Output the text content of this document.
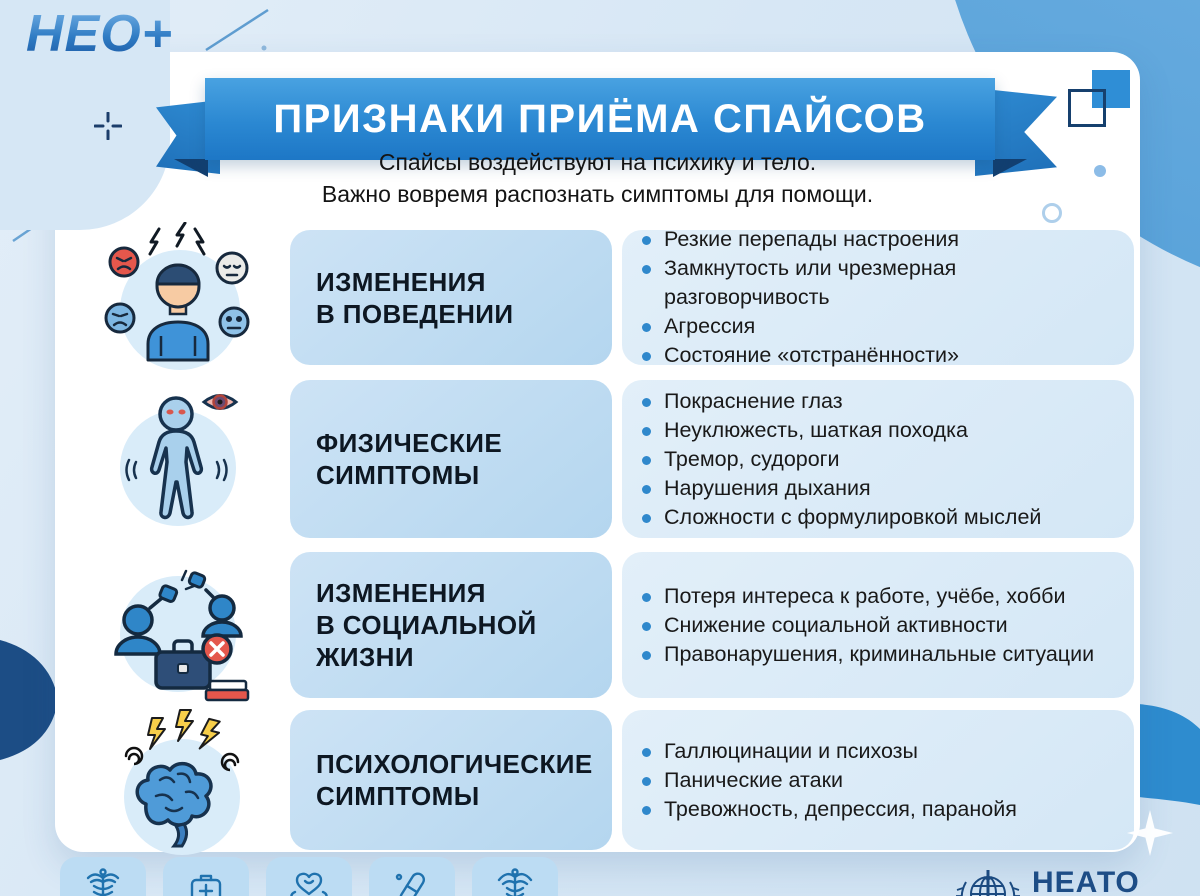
НЕО+
ПРИЗНАКИ ПРИЁМА СПАЙСОВ
Спайсы воздействуют на психику и тело.
Важно вовремя распознать симптомы для помощи.
ИЗМЕНЕНИЯ
В ПОВЕДЕНИИ
Резкие перепады настроения
Замкнутость или чрезмерная разговорчивость
Агрессия
Состояние «отстранённости»
ФИЗИЧЕСКИЕ
СИМПТОМЫ
Покраснение глаз
Неуклюжесть, шаткая походка
Тремор, судороги
Нарушения дыхания
Сложности с формулировкой мыслей
ИЗМЕНЕНИЯ
В СОЦИАЛЬНОЙ
ЖИЗНИ
Потеря интереса к работе, учёбе, хобби
Снижение социальной активности
Правонарушения, криминальные ситуации
ПСИХОЛОГИЧЕСКИЕ
СИМПТОМЫ
Галлюцинации и психозы
Панические атаки
Тревожность, депрессия, паранойя
НЕАТО
